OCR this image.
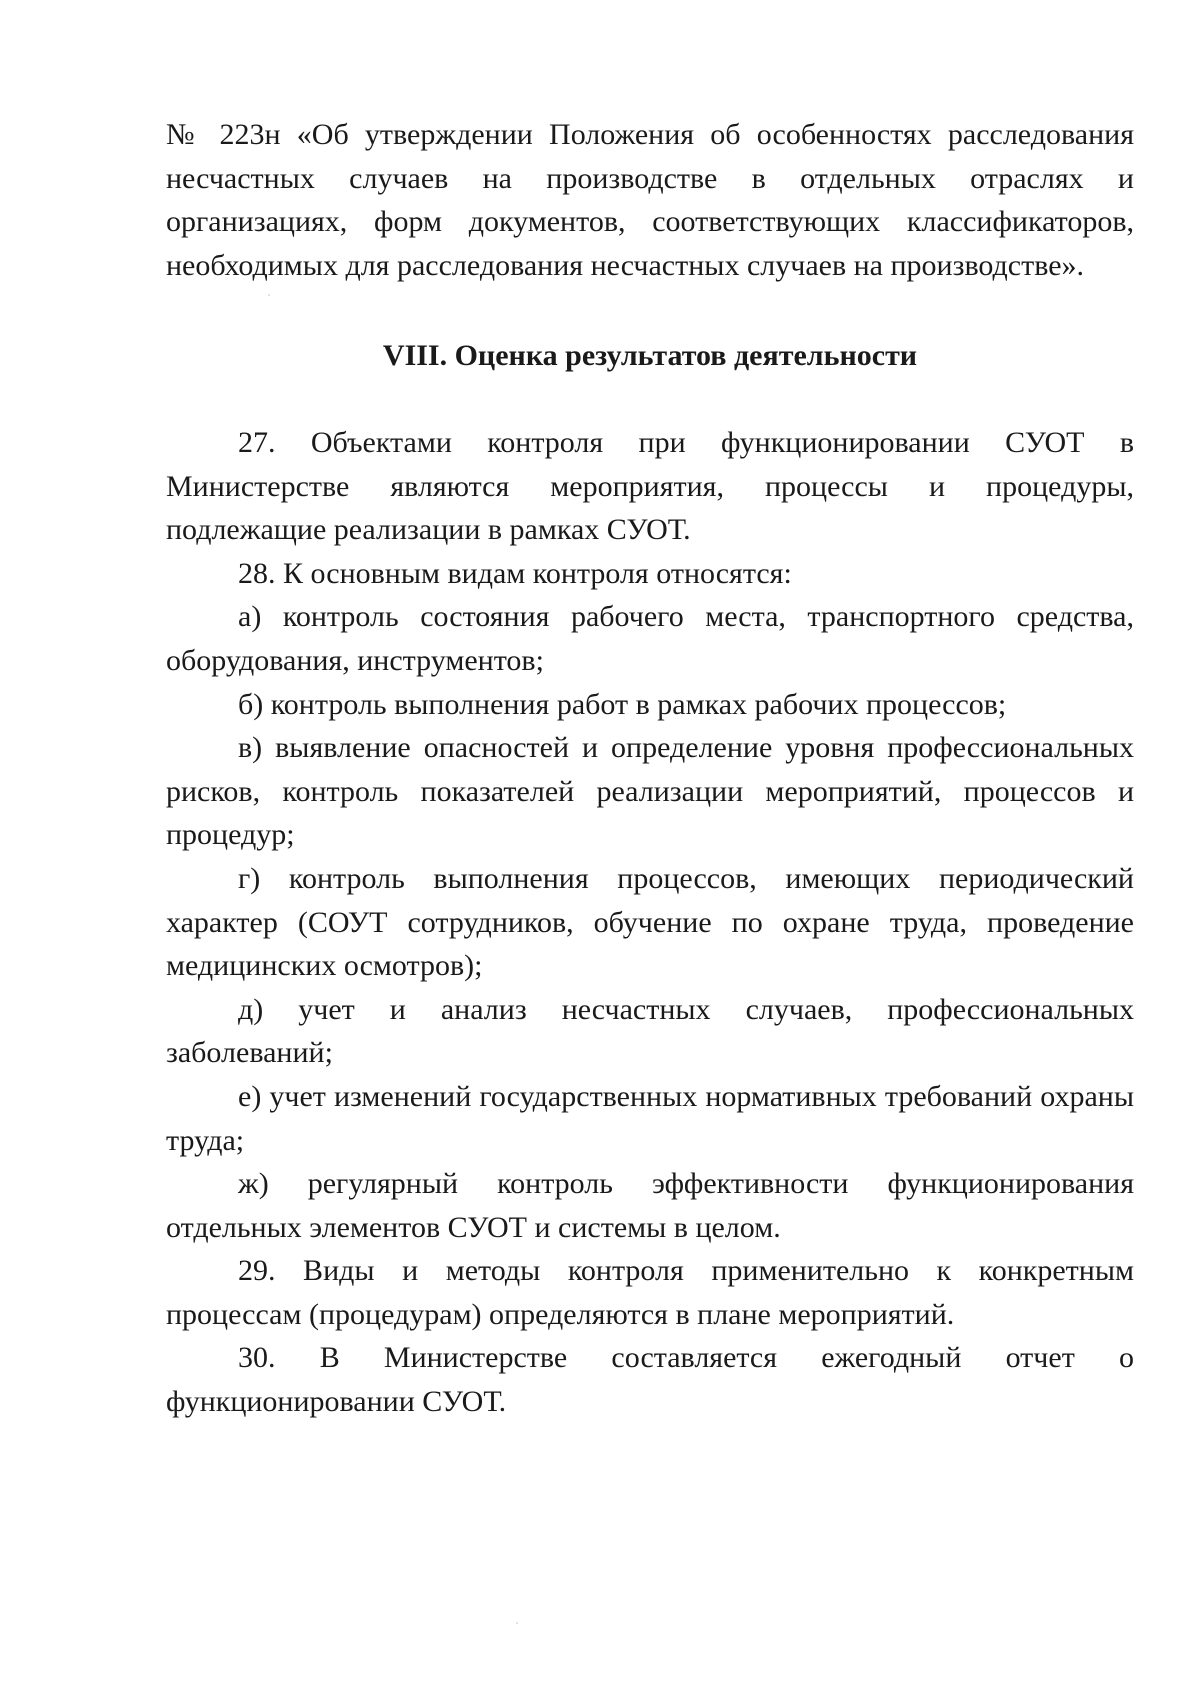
№ 223н «Об утверждении Положения об особенностях расследования несчастных случаев на производстве в отдельных отраслях и организациях, форм документов, соответствующих классификаторов, необходимых для расследования несчастных случаев на производстве».

VIII. Оценка результатов деятельности

27. Объектами контроля при функционировании СУОТ в Министерстве являются мероприятия, процессы и процедуры, подлежащие реализации в рамках СУОТ.

28. К основным видам контроля относятся:

а) контроль состояния рабочего места, транспортного средства, оборудования, инструментов;

б) контроль выполнения работ в рамках рабочих процессов;

в) выявление опасностей и определение уровня профессиональных рисков, контроль показателей реализации мероприятий, процессов и процедур;

г) контроль выполнения процессов, имеющих периодический характер (СОУТ сотрудников, обучение по охране труда, проведение медицинских осмотров);

д) учет и анализ несчастных случаев, профессиональных заболеваний;

е) учет изменений государственных нормативных требований охраны труда;

ж) регулярный контроль эффективности функционирования отдельных элементов СУОТ и системы в целом.

29. Виды и методы контроля применительно к конкретным процессам (процедурам) определяются в плане мероприятий.

30. В Министерстве составляется ежегодный отчет о функционировании СУОТ.
